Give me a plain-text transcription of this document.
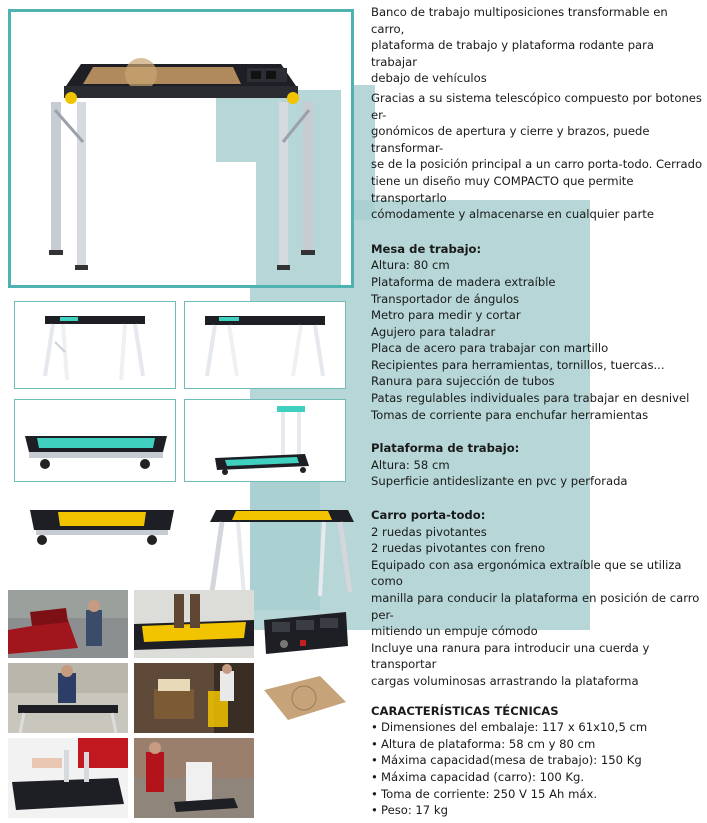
Banco de trabajo multiposiciones transformable en carro,

plataforma de trabajo y plataforma rodante para trabajar

debajo de vehículos

Gracias a su sistema telescópico compuesto por botones er-

gonómicos de apertura y cierre y brazos, puede transformar-

se de la posición principal a un carro porta-todo. Cerrado

tiene un diseño muy COMPACTO que permite transportarlo

cómodamente y almacenarse en cualquier parte

Mesa de trabajo:

Altura: 80 cm

Plataforma de madera extraíble

Transportador de ángulos

Metro para medir y cortar

Agujero para taladrar

Placa de acero para trabajar con martillo

Recipientes para herramientas, tornillos, tuercas...

Ranura para sujección de tubos

Patas regulables individuales para trabajar en desnivel

Tomas de corriente para enchufar herramientas

Plataforma de trabajo:

Altura: 58 cm

Superficie antideslizante en pvc y perforada

Carro porta-todo:

2 ruedas pivotantes

2 ruedas pivotantes con freno

Equipado con asa ergonómica extraíble que se utiliza como

manilla para conducir la plataforma en posición de carro per-

mitiendo un empuje cómodo

Incluye una ranura para introducir una cuerda y transportar

cargas voluminosas arrastrando la plataforma

CARACTERÍSTICAS TÉCNICAS

• Dimensiones del embalaje: 117 x 61x10,5 cm

• Altura de plataforma: 58 cm y 80 cm

• Máxima capacidad(mesa de trabajo): 150 Kg

• Máxima capacidad (carro): 100 Kg.

• Toma de corriente: 250 V 15 Ah máx.

• Peso: 17 kg
